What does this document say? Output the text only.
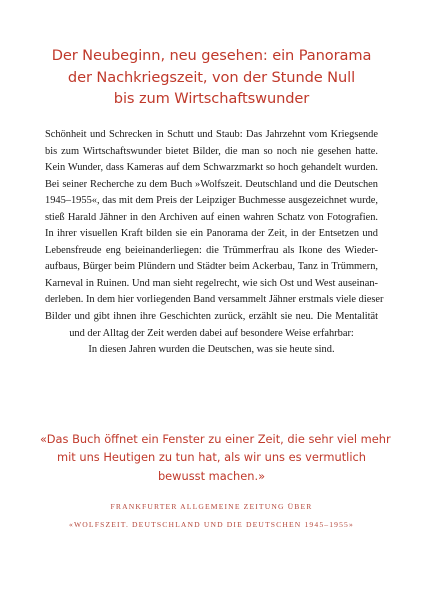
Der Neubeginn, neu gesehen: ein Panorama
der Nachkriegszeit, von der Stunde Null
bis zum Wirtschaftswunder
Schönheit und Schrecken in Schutt und Staub: Das Jahrzehnt vom Kriegsende
bis zum Wirtschaftswunder bietet Bilder, die man so noch nie gesehen hatte.
Kein Wunder, dass Kameras auf dem Schwarzmarkt so hoch gehandelt wurden.
Bei seiner Recherche zu dem Buch »Wolfszeit. Deutschland und die Deutschen
1945–1955«, das mit dem Preis der Leipziger Buchmesse ausgezeichnet wurde,
stieß Harald Jähner in den Archiven auf einen wahren Schatz von Fotografien.
In ihrer visuellen Kraft bilden sie ein Panorama der Zeit, in der Entsetzen und
Lebensfreude eng beieinanderliegen: die Trümmerfrau als Ikone des Wieder-
aufbaus, Bürger beim Plündern und Städter beim Ackerbau, Tanz in Trümmern,
Karneval in Ruinen. Und man sieht regelrecht, wie sich Ost und West auseinan-
derleben. In dem hier vorliegenden Band versammelt Jähner erstmals viele dieser
Bilder und gibt ihnen ihre Geschichten zurück, erzählt sie neu. Die Mentalität
und der Alltag der Zeit werden dabei auf besondere Weise erfahrbar:
In diesen Jahren wurden die Deutschen, was sie heute sind.
«Das Buch öffnet ein Fenster zu einer Zeit, die sehr viel mehr
mit uns Heutigen zu tun hat, als wir uns es vermutlich
bewusst machen.»
FRANKFURTER ALLGEMEINE ZEITUNG ÜBER
«WOLFSZEIT. DEUTSCHLAND UND DIE DEUTSCHEN 1945–1955»
